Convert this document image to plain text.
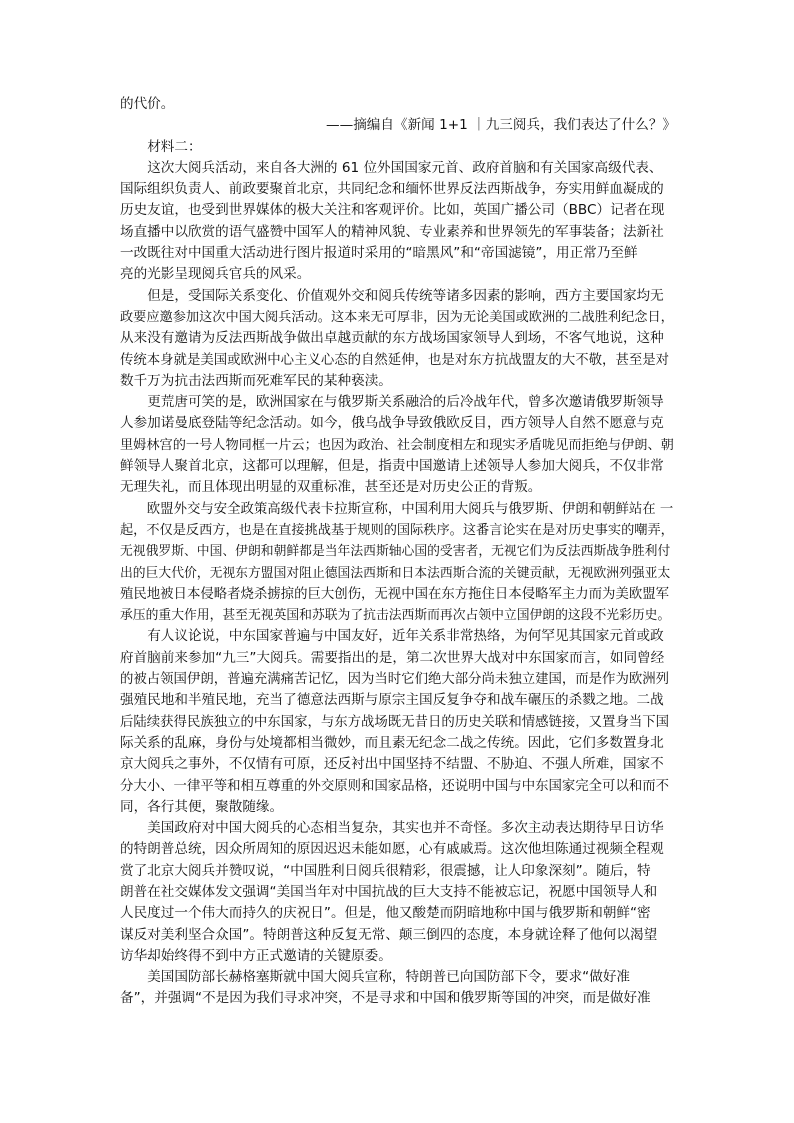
的代价。

——摘编自《新闻 1+1 ｜九三阅兵，我们表达了什么？》

材料二：

这次大阅兵活动，来自各大洲的 61 位外国国家元首、政府首脑和有关国家高级代表、
国际组织负责人、前政要聚首北京，共同纪念和缅怀世界反法西斯战争，夯实用鲜血凝成的
历史友谊，也受到世界媒体的极大关注和客观评价。比如，英国广播公司（BBC）记者在现
场直播中以欣赏的语气盛赞中国军人的精神风貌、专业素养和世界领先的军事装备；法新社
一改既往对中国重大活动进行图片报道时采用的“暗黑风”和“帝国滤镜”，用正常乃至鲜
亮的光影呈现阅兵官兵的风采。

但是，受国际关系变化、价值观外交和阅兵传统等诸多因素的影响，西方主要国家均无
政要应邀参加这次中国大阅兵活动。这本来无可厚非，因为无论美国或欧洲的二战胜利纪念日，
从来没有邀请为反法西斯战争做出卓越贡献的东方战场国家领导人到场，不客气地说，这种
传统本身就是美国或欧洲中心主义心态的自然延伸，也是对东方抗战盟友的大不敬，甚至是对
数千万为抗击法西斯而死难军民的某种亵渎。

更荒唐可笑的是，欧洲国家在与俄罗斯关系融洽的后冷战年代，曾多次邀请俄罗斯领导
人参加诺曼底登陆等纪念活动。如今，俄乌战争导致俄欧反目，西方领导人自然不愿意与克
里姆林宫的一号人物同框一片云；也因为政治、社会制度相左和现实矛盾咙见而拒绝与伊朗、朝
鲜领导人聚首北京，这都可以理解，但是，指责中国邀请上述领导人参加大阅兵，不仅非常
无理失礼，而且体现出明显的双重标准，甚至还是对历史公正的背叛。

欧盟外交与安全政策高级代表卡拉斯宣称，中国利用大阅兵与俄罗斯、伊朗和朝鲜站在 一
起，不仅是反西方，也是在直接挑战基于规则的国际秩序。这番言论实在是对历史事实的嘲弄，
无视俄罗斯、中国、伊朗和朝鲜都是当年法西斯轴心国的受害者，无视它们为反法西斯战争胜利付
出的巨大代价，无视东方盟国对阻止德国法西斯和日本法西斯合流的关键贡献，无视欧洲列强亚太
殖民地被日本侵略者烧杀掳掠的巨大创伤，无视中国在东方拖住日本侵略军主力而为美欧盟军
承压的重大作用，甚至无视英国和苏联为了抗击法西斯而再次占领中立国伊朗的这段不光彩历史。

有人议论说，中东国家普遍与中国友好，近年关系非常热络，为何罕见其国家元首或政
府首脑前来参加“九三”大阅兵。需要指出的是，第二次世界大战对中东国家而言，如同曾经
的被占领国伊朗，普遍充满痛苦记忆，因为当时它们绝大部分尚未独立建国，而是作为欧洲列
强殖民地和半殖民地，充当了德意法西斯与原宗主国反复争夺和战车碾压的杀戮之地。二战
后陆续获得民族独立的中东国家，与东方战场既无昔日的历史关联和情感链接，又置身当下国
际关系的乱麻，身份与处境都相当微妙，而且素无纪念二战之传统。因此，它们多数置身北
京大阅兵之事外，不仅情有可原，还反衬出中国坚持不结盟、不胁迫、不强人所难，国家不
分大小、一律平等和相互尊重的外交原则和国家品格，还说明中国与中东国家完全可以和而不
同，各行其便，聚散随缘。

美国政府对中国大阅兵的心态相当复杂，其实也并不奇怪。多次主动表达期待早日访华
的特朗普总统，因众所周知的原因迟迟未能如愿，心有戚戚焉。这次他坦陈通过视频全程观
赏了北京大阅兵并赞叹说，“中国胜利日阅兵很精彩，很震撼，让人印象深刻”。随后，特
朗普在社交媒体发文强调“美国当年对中国抗战的巨大支持不能被忘记，祝愿中国领导人和
人民度过一个伟大而持久的庆祝日”。但是，他又酸楚而阴暗地称中国与俄罗斯和朝鲜“密
谋反对美利坚合众国”。特朗普这种反复无常、颠三倒四的态度，本身就诠释了他何以渴望
访华却始终得不到中方正式邀请的关键原委。

美国国防部长赫格塞斯就中国大阅兵宣称，特朗普已向国防部下令，要求“做好准
备”，并强调“不是因为我们寻求冲突，不是寻求和中国和俄罗斯等国的冲突，而是做好准
